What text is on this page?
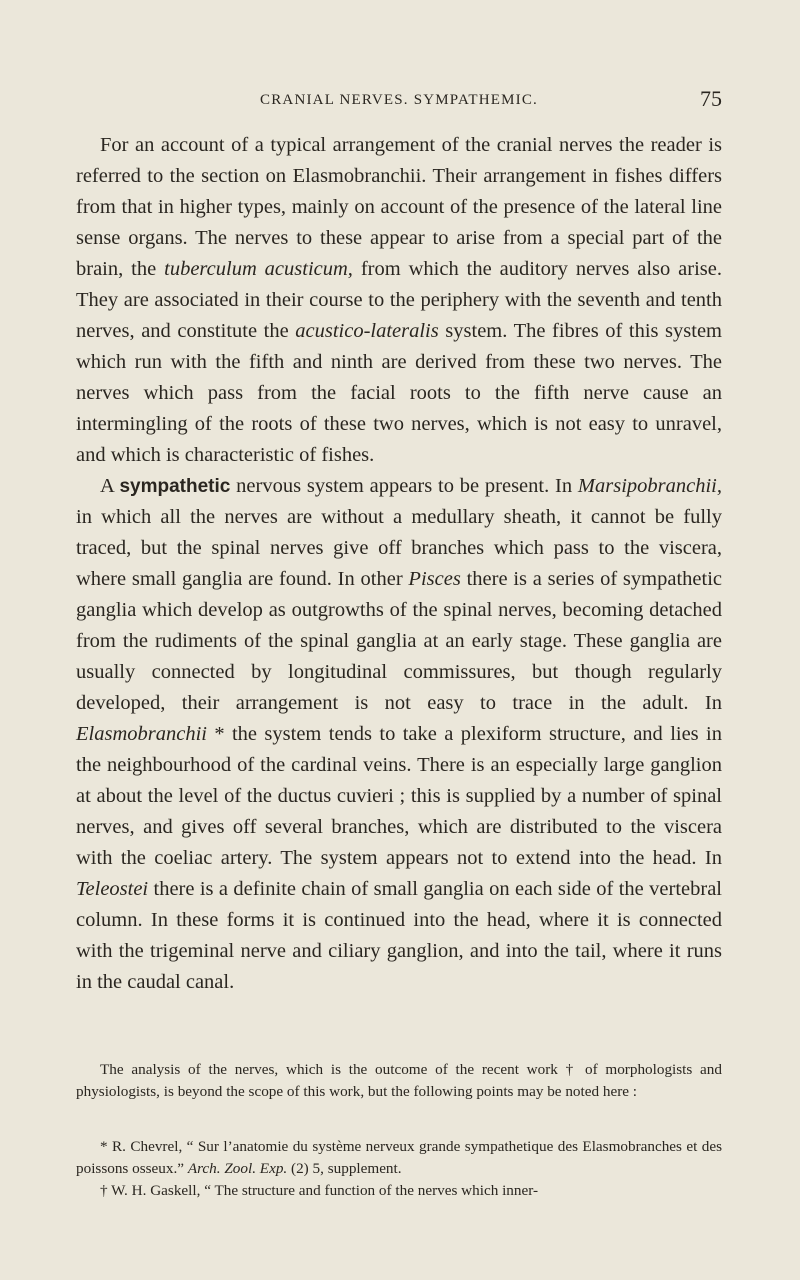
CRANIAL NERVES. SYMPATHEMIC.	75

For an account of a typical arrangement of the cranial nerves the reader is referred to the section on Elasmobranchii. Their arrangement in fishes differs from that in higher types, mainly on account of the presence of the lateral line sense organs. The nerves to these appear to arise from a special part of the brain, the tuberculum acusticum, from which the auditory nerves also arise. They are associated in their course to the periphery with the seventh and tenth nerves, and constitute the acustico-lateralis system. The fibres of this system which run with the fifth and ninth are derived from these two nerves. The nerves which pass from the facial roots to the fifth nerve cause an intermingling of the roots of these two nerves, which is not easy to unravel, and which is characteristic of fishes.

A sympathetic nervous system appears to be present. In Marsipobranchii, in which all the nerves are without a medullary sheath, it cannot be fully traced, but the spinal nerves give off branches which pass to the viscera, where small ganglia are found. In other Pisces there is a series of sympathetic ganglia which develop as outgrowths of the spinal nerves, becoming detached from the rudiments of the spinal ganglia at an early stage. These ganglia are usually connected by longitudinal commissures, but though regularly developed, their arrangement is not easy to trace in the adult. In Elasmobranchii * the system tends to take a plexiform structure, and lies in the neighbourhood of the cardinal veins. There is an especially large ganglion at about the level of the ductus cuvieri ; this is supplied by a number of spinal nerves, and gives off several branches, which are distributed to the viscera with the coeliac artery. The system appears not to extend into the head. In Teleostei there is a definite chain of small ganglia on each side of the vertebral column. In these forms it is continued into the head, where it is connected with the trigeminal nerve and ciliary ganglion, and into the tail, where it runs in the caudal canal.

The analysis of the nerves, which is the outcome of the recent work † of morphologists and physiologists, is beyond the scope of this work, but the following points may be noted here :

* R. Chevrel, “ Sur l’anatomie du système nerveux grande sympathetique des Elasmobranches et des poissons osseux.” Arch. Zool. Exp. (2) 5, supplement.

† W. H. Gaskell, “ The structure and function of the nerves which inner-
